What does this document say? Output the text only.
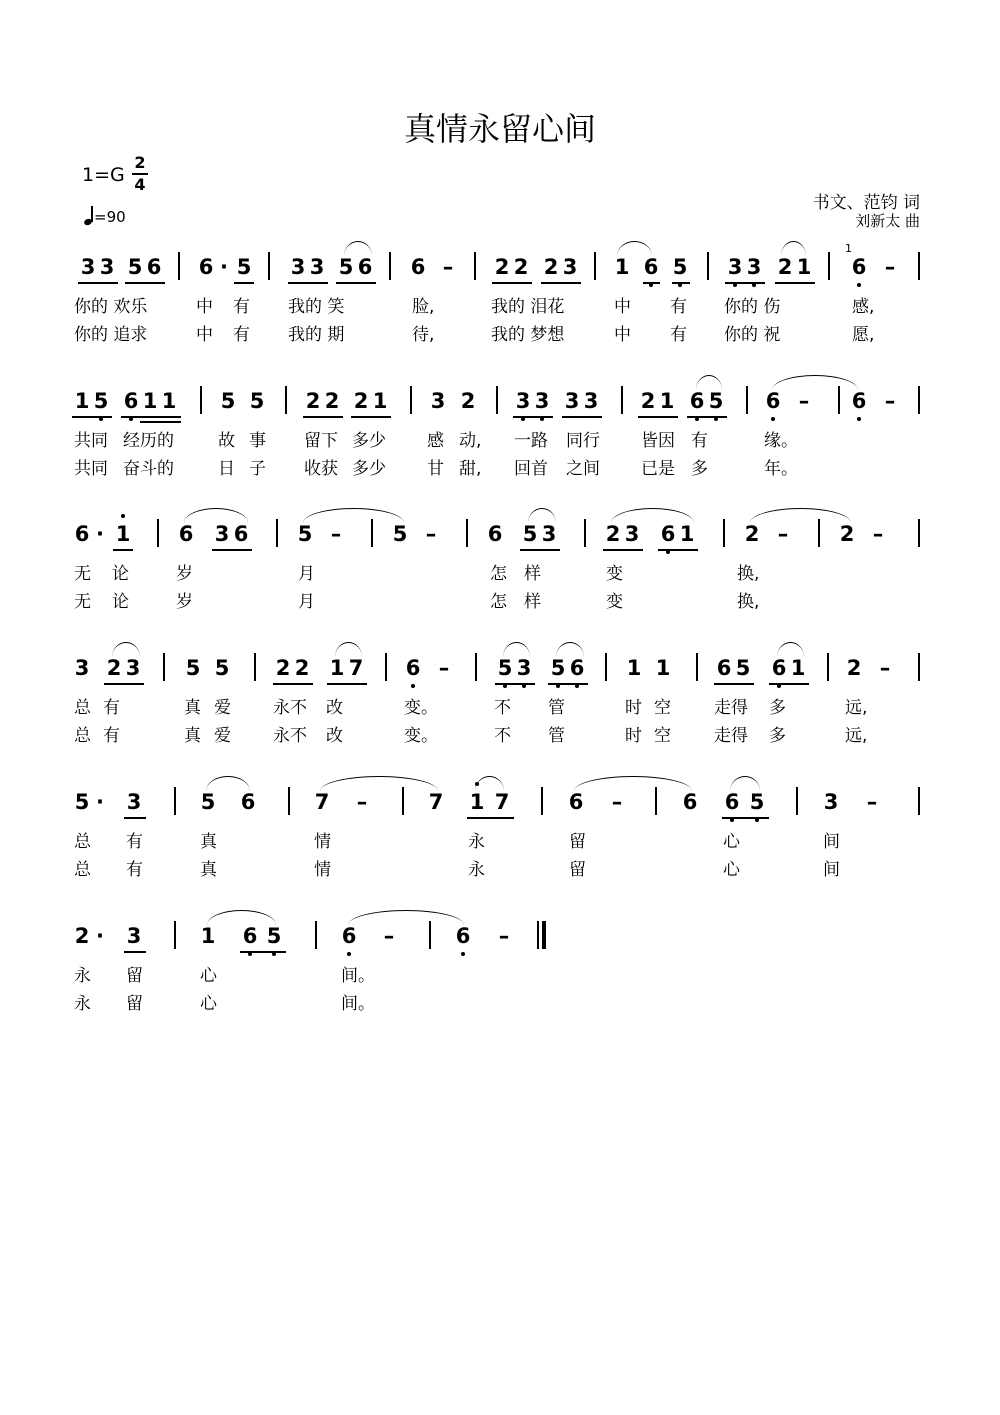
真情永留心间
1=G
2
4
=90
书文、范钧 词
刘新太 曲
3 3 5 6 6 · 5 3 3 5 6 6 – 2 2 2 3 1 6 5 3 3 2 1 6 –
1
你的 欢乐	中 有 我的 笑	脸,	我的 泪花	中 有 你的 伤	感,
你的 追求	中 有 我的 期	待,	我的 梦想	中 有 你的 祝	愿,
1 5 6 1 1 5 5 2 2 2 1 3 2 3 3 3 3 2 1 6 5 6 – 6 –
共同 经历的	故 事 留下 多少 感 动, 一路 同行 皆因 有	缘。
共同 奋斗的	日 子 收获 多少 甘 甜, 回首 之间 已是 多	年。
6 · 1 6 3 6 5 – 5 – 6 5 3 2 3 6 1 2 – 2 –
无 论	岁	月	怎 样	变	换,
无 论	岁	月	怎 样	变	换,
3 2 3 5 5 2 2 1 7 6 – 5 3 5 6 1 1 6 5 6 1 2 –
总 有	真 爱 永不 改	变。	不 管	时 空	走得 多	远,
总 有	真 爱 永不 改	变。	不 管	时 空	走得 多	远,
5 · 3	5 6	7 –	7 1 7	6 –	6 6 5	3 –
总 有	真	情	永	留	心	间
总 有	真	情	永	留	心	间
2 · 3	1 6 5	6 –	6 –
永 留	心	间。
永 留	心	间。
